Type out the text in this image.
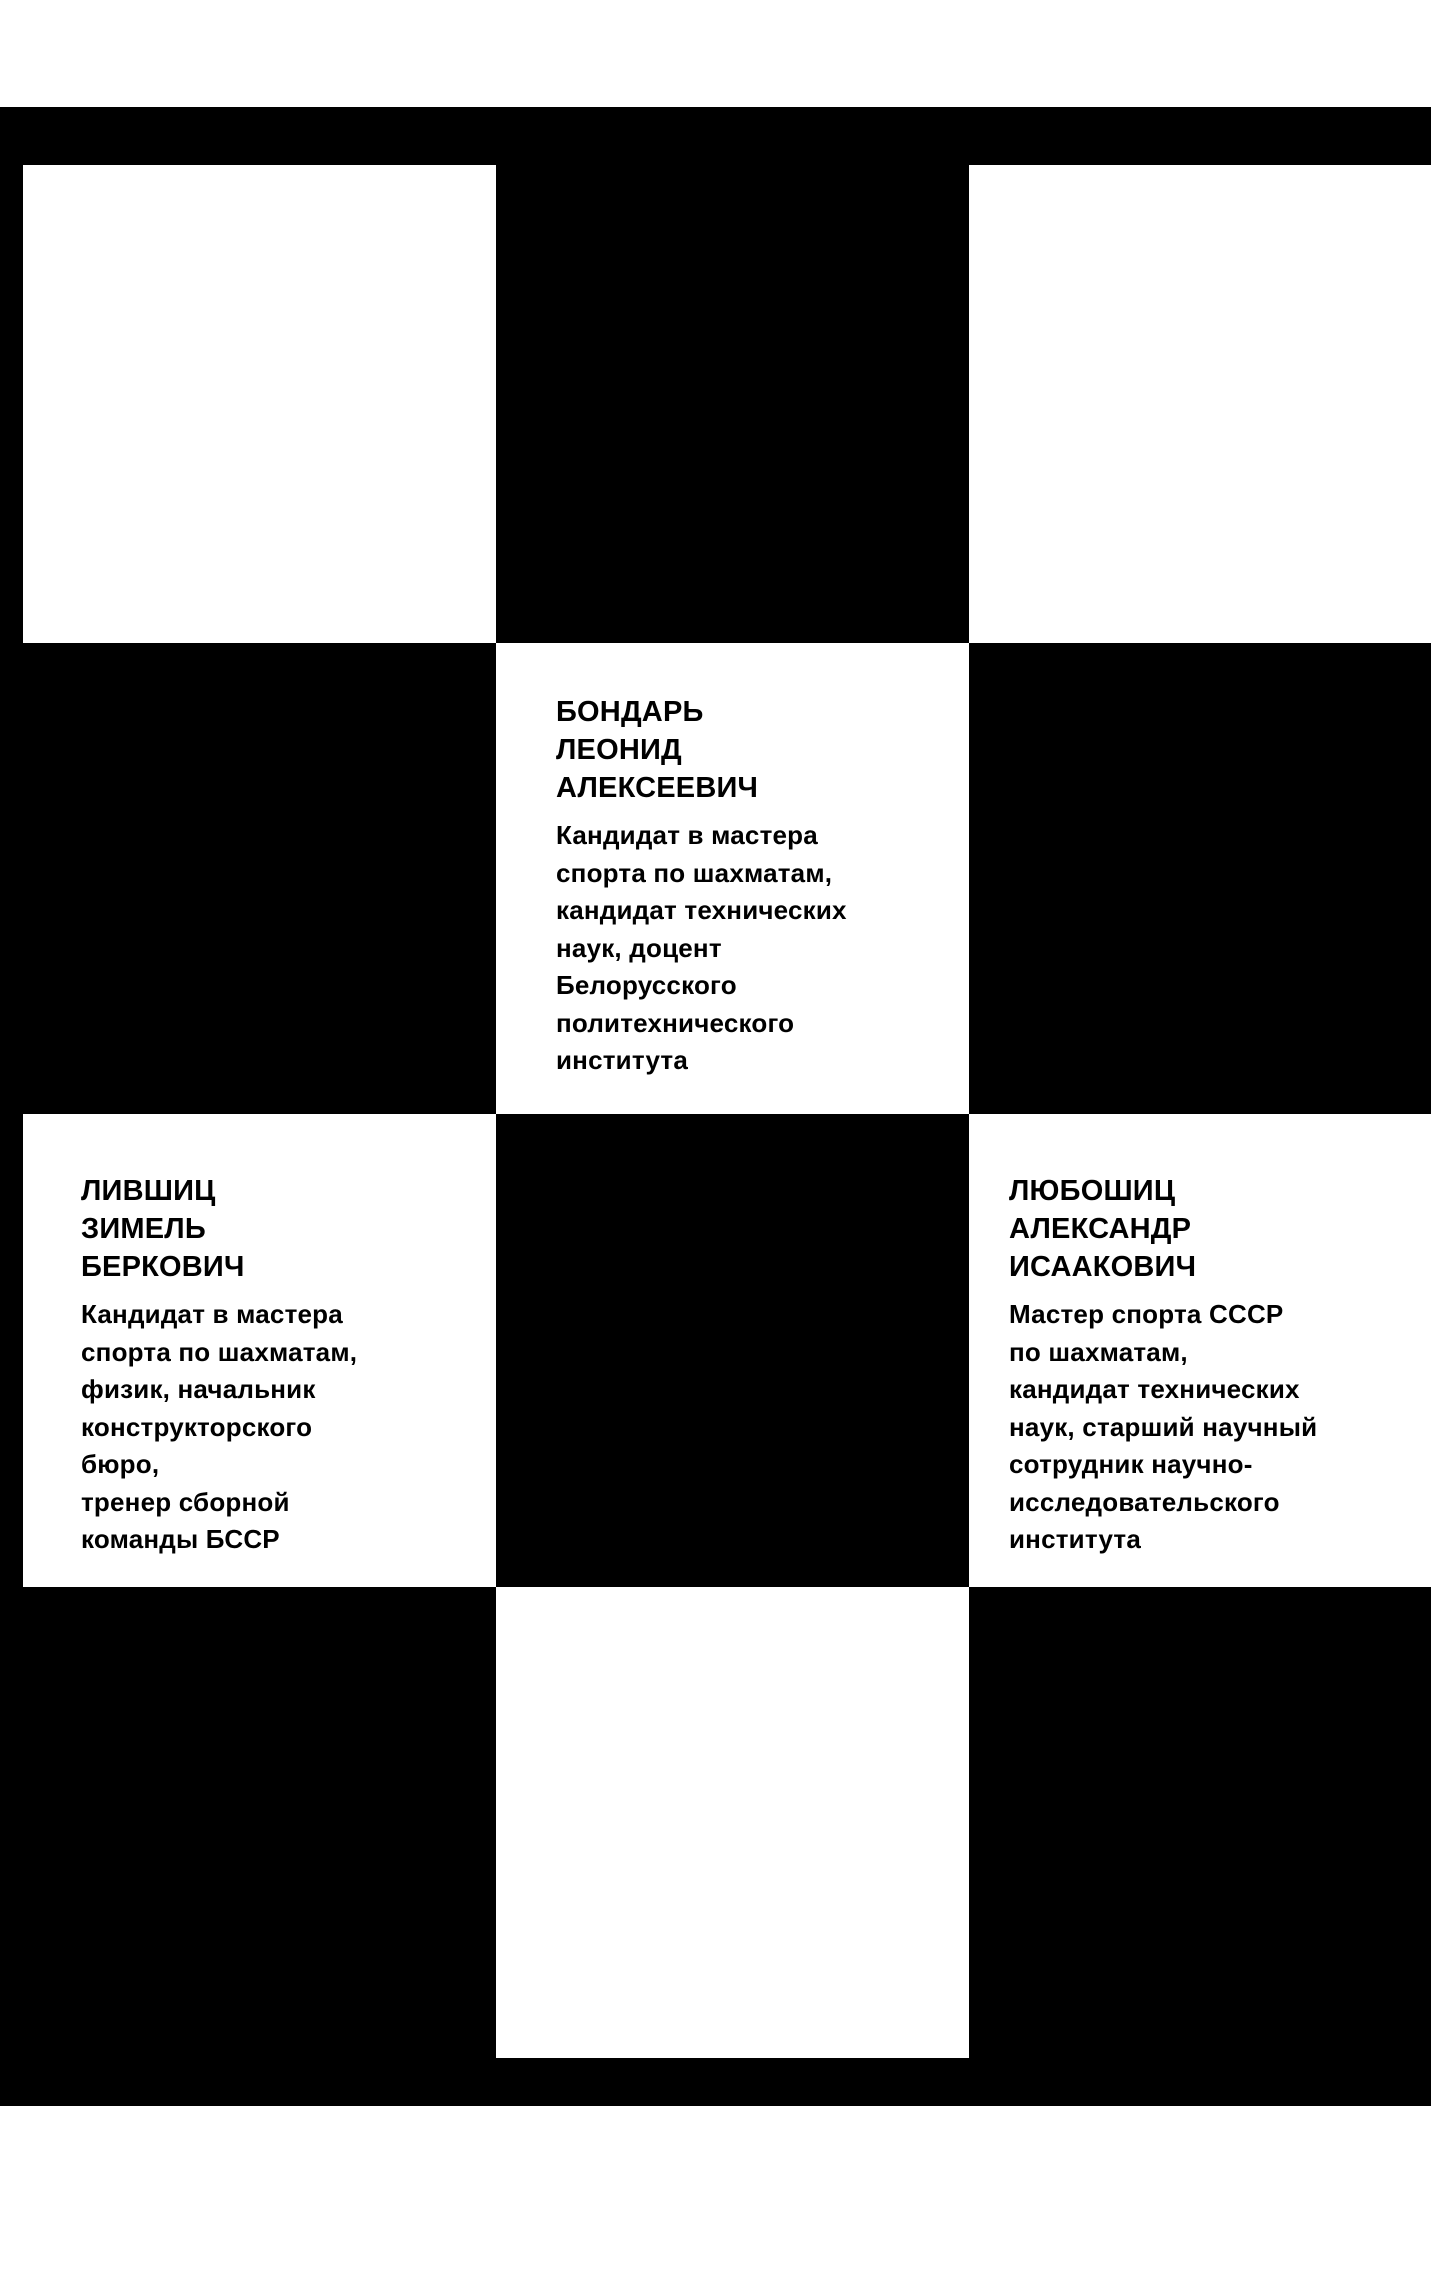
БОНДАРЬ
ЛЕОНИД
АЛЕКСЕЕВИЧ

Кандидат в мастера
спорта по шахматам,
кандидат технических
наук, доцент
Белорусского
политехнического
института

ЛИВШИЦ
ЗИМЕЛЬ
БЕРКОВИЧ

Кандидат в мастера
спорта по шахматам,
физик, начальник
конструкторского
бюро,
тренер сборной
команды БССР

ЛЮБОШИЦ
АЛЕКСАНДР
ИСААКОВИЧ

Мастер спорта СССР
по шахматам,
кандидат технических
наук, старший научный
сотрудник научно-
исследовательского
института
